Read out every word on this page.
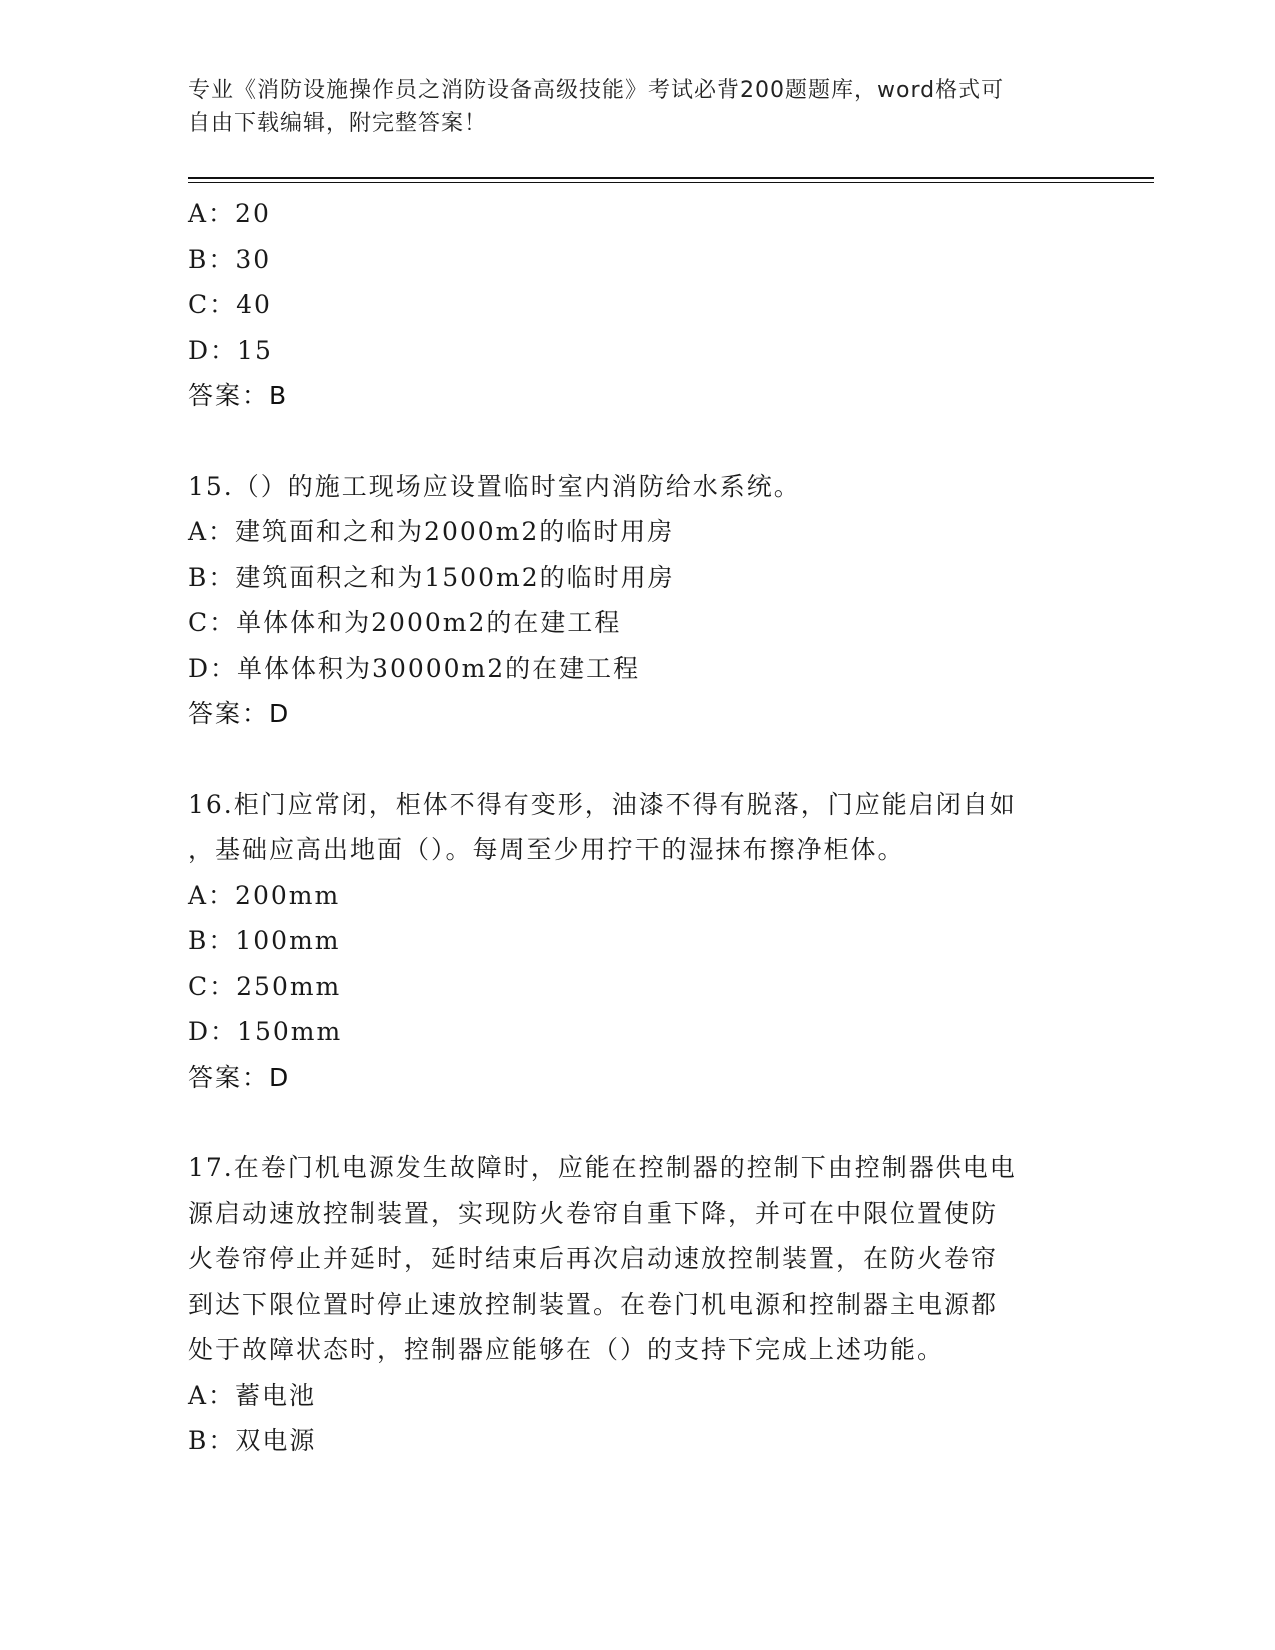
专业《消防设施操作员之消防设备高级技能》考试必背200题题库，word格式可
自由下载编辑，附完整答案！
A：20
B：30
C：40
D：15
答案：B
15.（）的施工现场应设置临时室内消防给水系统。
A：建筑面和之和为2000m2的临时用房
B：建筑面积之和为1500m2的临时用房
C：单体体和为2000m2的在建工程
D：单体体积为30000m2的在建工程
答案：D
16.柜门应常闭，柜体不得有变形，油漆不得有脱落，门应能启闭自如
，基础应高出地面（）。每周至少用拧干的湿抹布擦净柜体。
A：200mm
B：100mm
C：250mm
D：150mm
答案：D
17.在卷门机电源发生故障时，应能在控制器的控制下由控制器供电电
源启动速放控制装置，实现防火卷帘自重下降，并可在中限位置使防
火卷帘停止并延时，延时结束后再次启动速放控制装置，在防火卷帘
到达下限位置时停止速放控制装置。在卷门机电源和控制器主电源都
处于故障状态时，控制器应能够在（）的支持下完成上述功能。
A：蓄电池
B：双电源
